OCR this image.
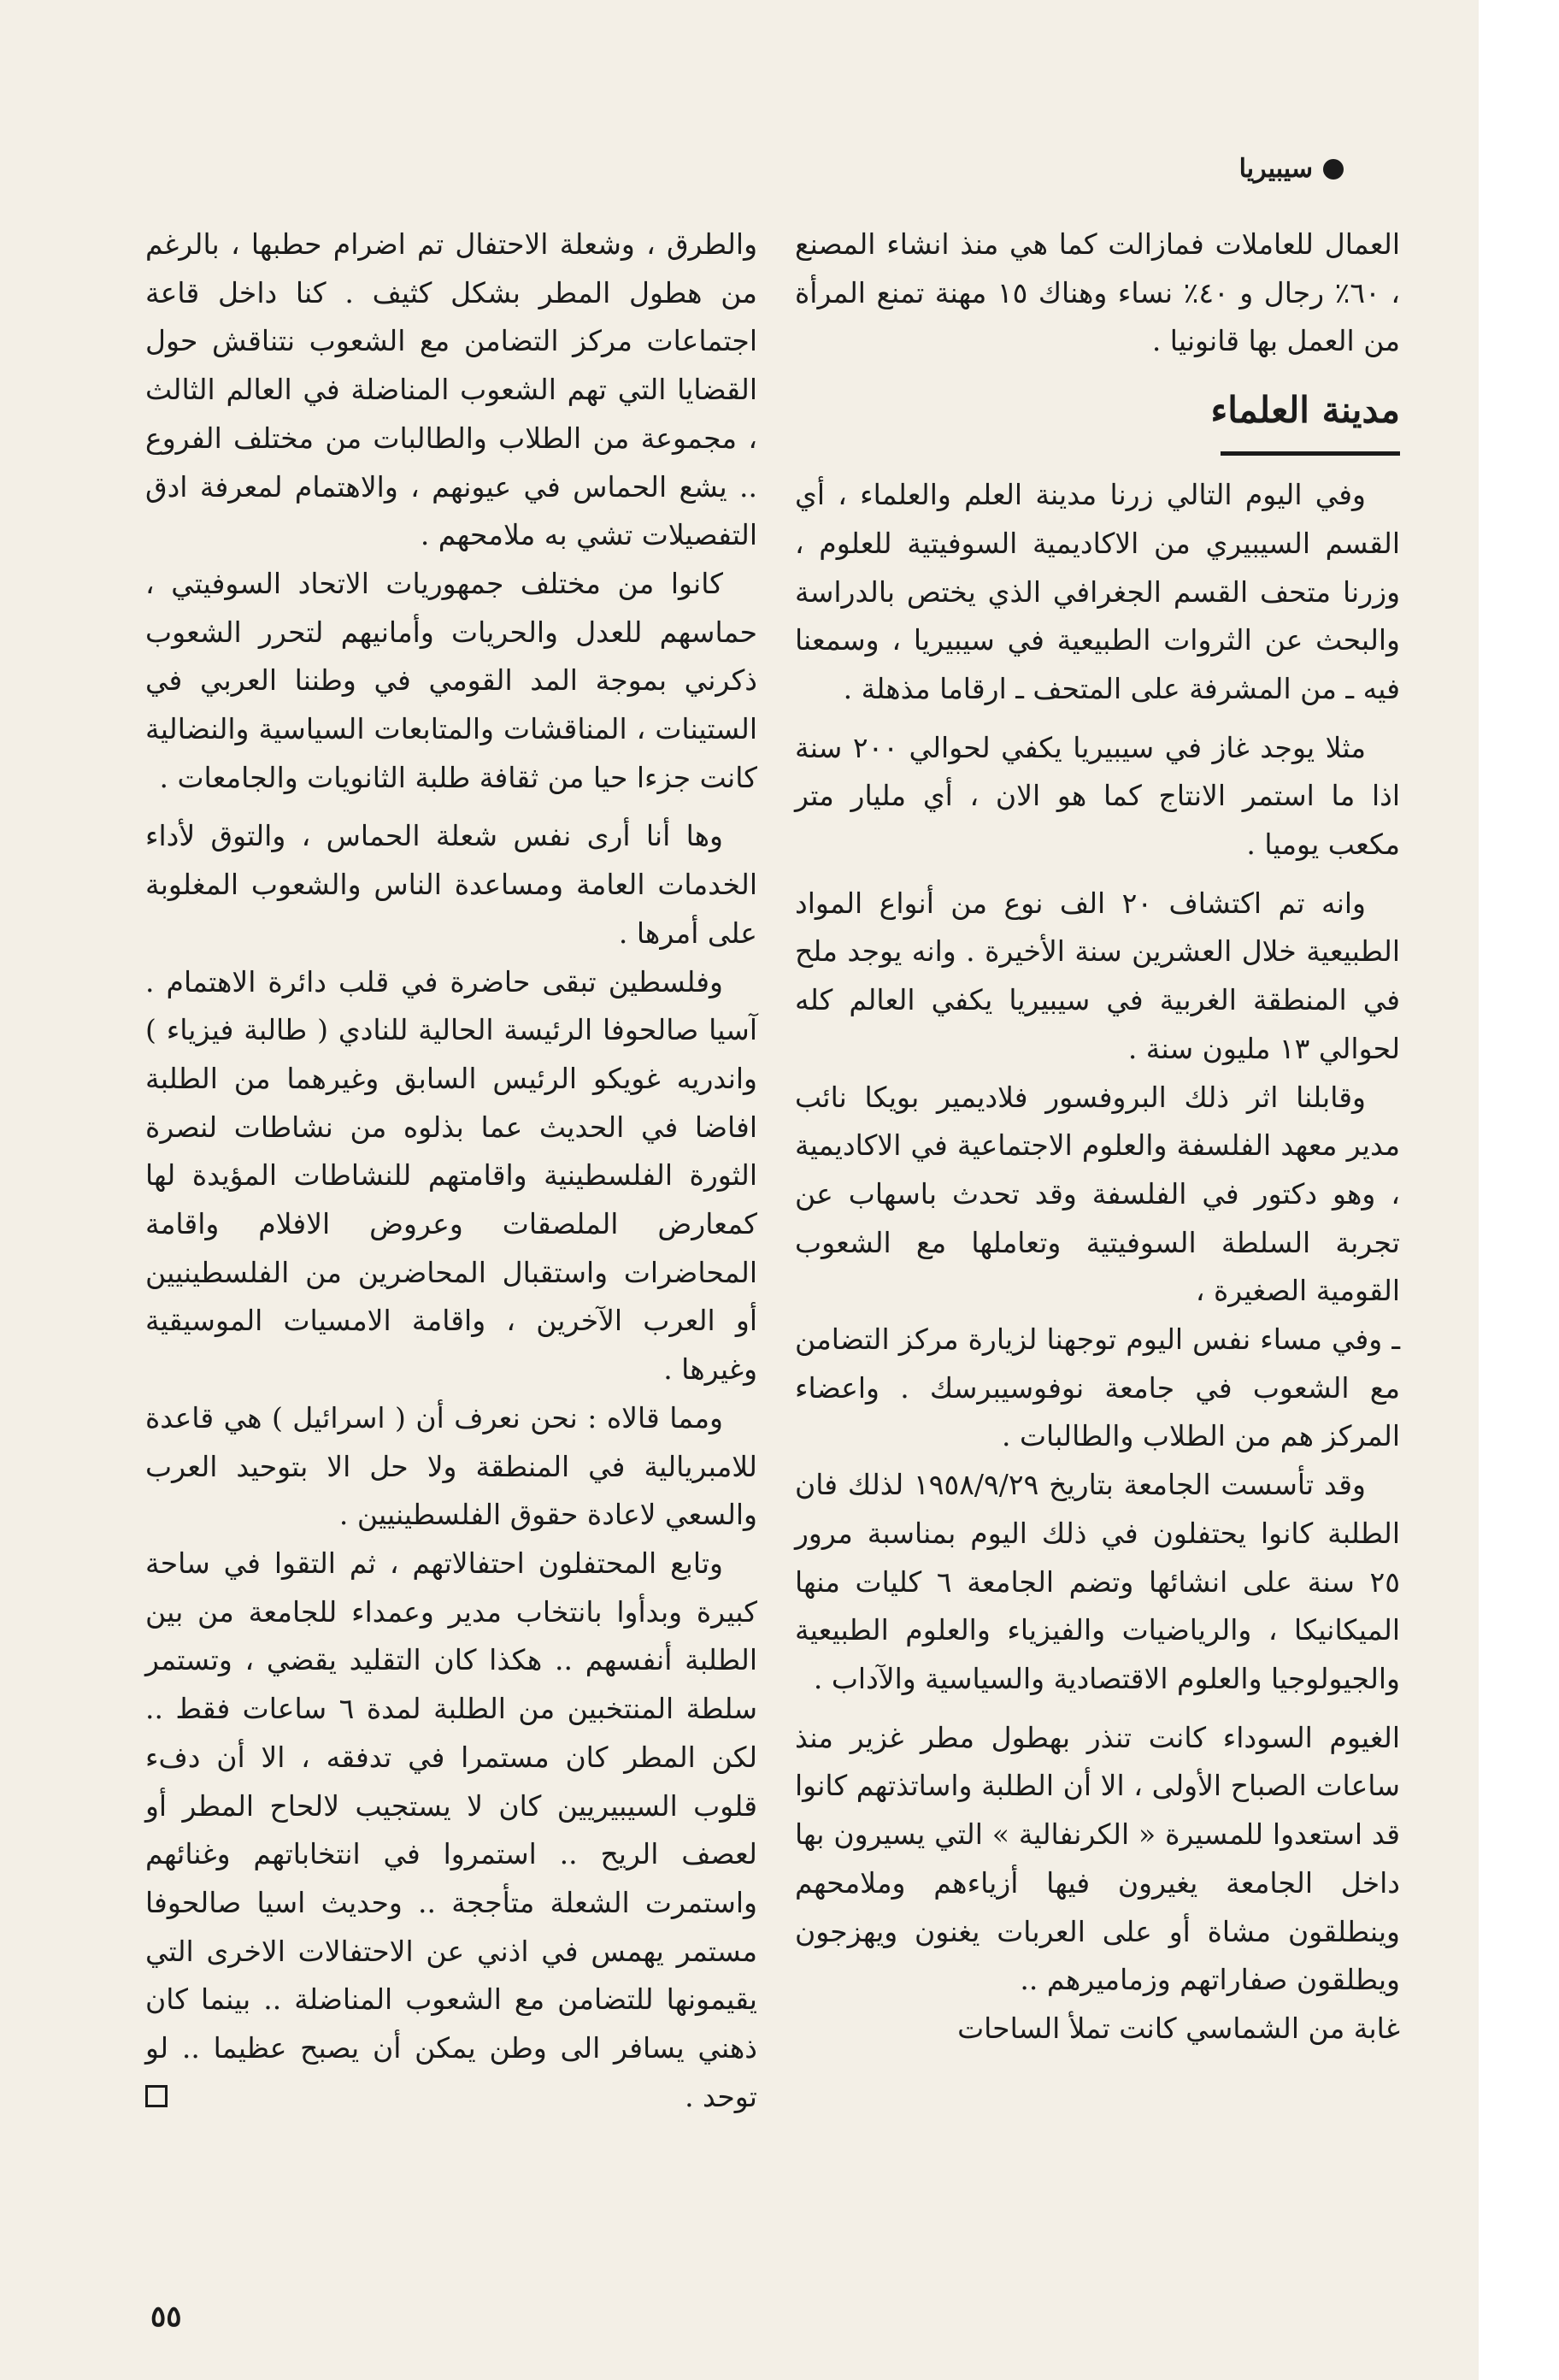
سيبيريا

العمال للعاملات فمازالت كما هي منذ انشاء المصنع ، ٦٠٪ رجال و ٤٠٪ نساء وهناك ١٥ مهنة تمنع المرأة من العمل بها قانونيا .

مدينة العلماء

وفي اليوم التالي زرنا مدينة العلم والعلماء ، أي القسم السيبيري من الاكاديمية السوفيتية للعلوم ، وزرنا متحف القسم الجغرافي الذي يختص بالدراسة والبحث عن الثروات الطبيعية في سيبيريا ، وسمعنا فيه ـ من المشرفة على المتحف ـ ارقاما مذهلة .

مثلا يوجد غاز في سيبيريا يكفي لحوالي ٢٠٠ سنة اذا ما استمر الانتاج كما هو الان ، أي مليار متر مكعب يوميا .

وانه تم اكتشاف ٢٠ الف نوع من أنواع المواد الطبيعية خلال العشرين سنة الأخيرة . وانه يوجد ملح في المنطقة الغربية في سيبيريا يكفي العالم كله لحوالي ١٣ مليون سنة .

وقابلنا اثر ذلك البروفسور فلاديمير بويكا نائب مدير معهد الفلسفة والعلوم الاجتماعية في الاكاديمية ، وهو دكتور في الفلسفة وقد تحدث باسهاب عن تجربة السلطة السوفيتية وتعاملها مع الشعوب القومية الصغيرة ،

ـ وفي مساء نفس اليوم توجهنا لزيارة مركز التضامن مع الشعوب في جامعة نوفوسيبرسك . واعضاء المركز هم من الطلاب والطالبات .

وقد تأسست الجامعة بتاريخ ١٩٥٨/٩/٢٩ لذلك فان الطلبة كانوا يحتفلون في ذلك اليوم بمناسبة مرور ٢٥ سنة على انشائها وتضم الجامعة ٦ كليات منها الميكانيكا ، والرياضيات والفيزياء والعلوم الطبيعية والجيولوجيا والعلوم الاقتصادية والسياسية والآداب .

الغيوم السوداء كانت تنذر بهطول مطر غزير منذ ساعات الصباح الأولى ، الا أن الطلبة واساتذتهم كانوا قد استعدوا للمسيرة « الكرنفالية » التي يسيرون بها داخل الجامعة يغيرون فيها أزياءهم وملامحهم وينطلقون مشاة أو على العربات يغنون ويهزجون ويطلقون صفاراتهم وزماميرهم ..

غابة من الشماسي كانت تملأ الساحات

والطرق ، وشعلة الاحتفال تم اضرام حطبها ، بالرغم من هطول المطر بشكل كثيف . كنا داخل قاعة اجتماعات مركز التضامن مع الشعوب نتناقش حول القضايا التي تهم الشعوب المناضلة في العالم الثالث ، مجموعة من الطلاب والطالبات من مختلف الفروع .. يشع الحماس في عيونهم ، والاهتمام لمعرفة ادق التفصيلات تشي به ملامحهم .

كانوا من مختلف جمهوريات الاتحاد السوفيتي ، حماسهم للعدل والحريات وأمانيهم لتحرر الشعوب ذكرني بموجة المد القومي في وطننا العربي في الستينات ، المناقشات والمتابعات السياسية والنضالية كانت جزءا حيا من ثقافة طلبة الثانويات والجامعات .

وها أنا أرى نفس شعلة الحماس ، والتوق لأداء الخدمات العامة ومساعدة الناس والشعوب المغلوبة على أمرها .

وفلسطين تبقى حاضرة في قلب دائرة الاهتمام . آسيا صالحوفا الرئيسة الحالية للنادي ( طالبة فيزياء ) واندريه غويكو الرئيس السابق وغيرهما من الطلبة افاضا في الحديث عما بذلوه من نشاطات لنصرة الثورة الفلسطينية واقامتهم للنشاطات المؤيدة لها كمعارض الملصقات وعروض الافلام واقامة المحاضرات واستقبال المحاضرين من الفلسطينيين أو العرب الآخرين ، واقامة الامسيات الموسيقية وغيرها .

ومما قالاه : نحن نعرف أن ( اسرائيل ) هي قاعدة للامبريالية في المنطقة ولا حل الا بتوحيد العرب والسعي لاعادة حقوق الفلسطينيين .

وتابع المحتفلون احتفالاتهم ، ثم التقوا في ساحة كبيرة وبدأوا بانتخاب مدير وعمداء للجامعة من بين الطلبة أنفسهم .. هكذا كان التقليد يقضي ، وتستمر سلطة المنتخبين من الطلبة لمدة ٦ ساعات فقط .. لكن المطر كان مستمرا في تدفقه ، الا أن دفء قلوب السيبيريين كان لا يستجيب لالحاح المطر أو لعصف الريح .. استمروا في انتخاباتهم وغنائهم واستمرت الشعلة متأججة .. وحديث اسيا صالحوفا مستمر يهمس في اذني عن الاحتفالات الاخرى التي يقيمونها للتضامن مع الشعوب المناضلة .. بينما كان ذهني يسافر الى وطن يمكن أن يصبح عظيما .. لو توحد .

٥٥
